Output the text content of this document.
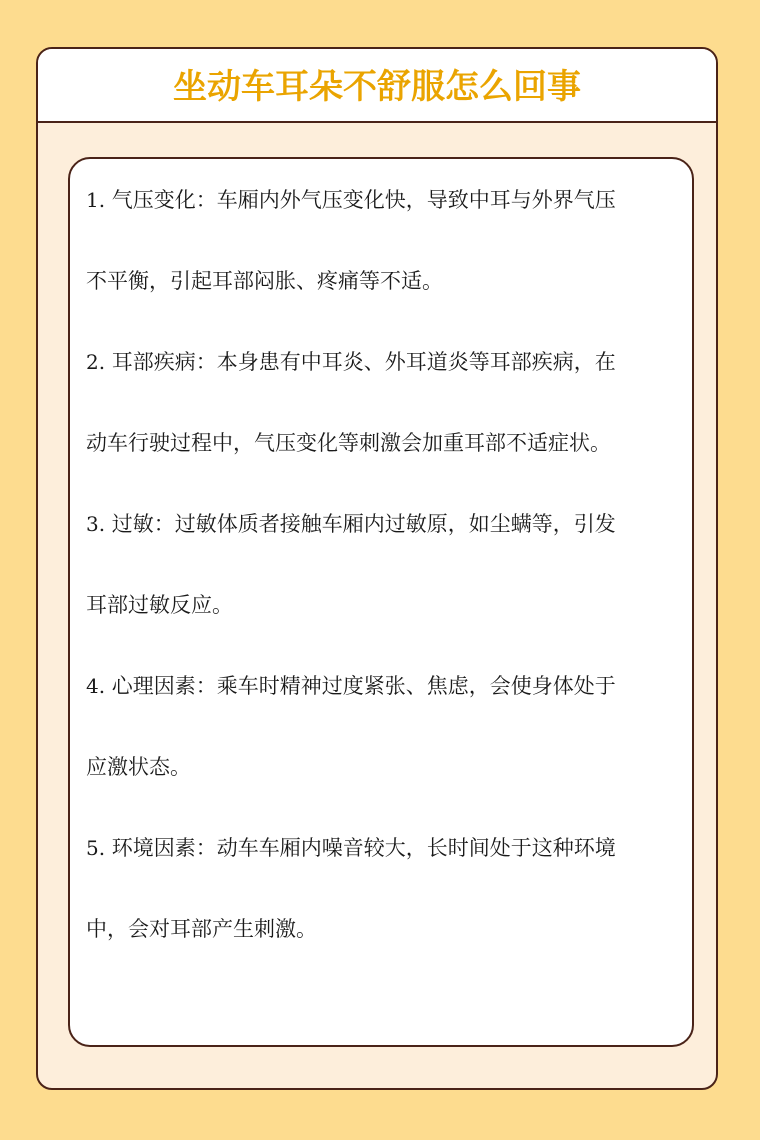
坐动车耳朵不舒服怎么回事
1. 气压变化：车厢内外气压变化快，导致中耳与外界气压
不平衡，引起耳部闷胀、疼痛等不适。
2. 耳部疾病：本身患有中耳炎、外耳道炎等耳部疾病，在
动车行驶过程中，气压变化等刺激会加重耳部不适症状。
3. 过敏：过敏体质者接触车厢内过敏原，如尘螨等，引发
耳部过敏反应。
4. 心理因素：乘车时精神过度紧张、焦虑，会使身体处于
应激状态。
5. 环境因素：动车车厢内噪音较大，长时间处于这种环境
中，会对耳部产生刺激。
